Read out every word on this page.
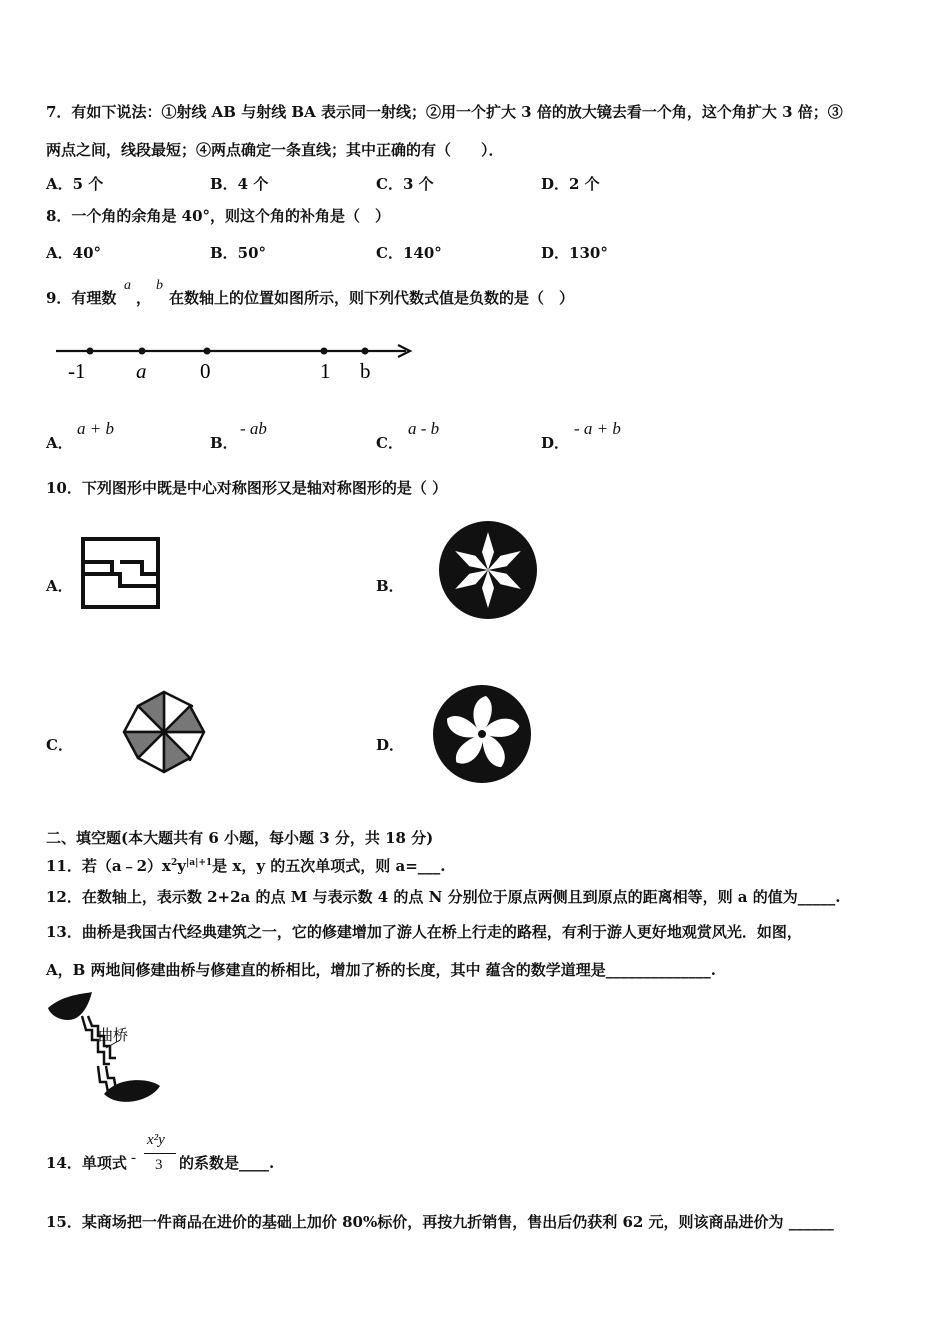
7．有如下说法：①射线 AB 与射线 BA 表示同一射线；②用一个扩大 3 倍的放大镜去看一个角，这个角扩大 3 倍；③
两点之间，线段最短；④两点确定一条直线；其中正确的有（　　）．
A．5 个	B．4 个	C．3 个	D．2 个
8．一个角的余角是 40°，则这个角的补角是（　）
A．40°	B．50°	C．140°	D．130°
9．有理数
a
，
b
在数轴上的位置如图所示，则下列代数式值是负数的是（　）
-1 a	0	1 b
A．
a + b
B．
- ab
C．
a - b
D．
- a + b
10．下列图形中既是中心对称图形又是轴对称图形的是（ ）
A．	B．
C．	D．
二、填空题(本大题共有 6 小题，每小题 3 分，共 18 分)
11．若$(a﹣2)x^2y^{|a|+1}$是 x，y 的五次单项式，则 a=___.
12．在数轴上，表示数 2+2a 的点 M 与表示数 4 的点 N 分别位于原点两侧且到原点的距离相等，则 a 的值为_____.
13．曲桥是我国古代经典建筑之一，它的修建增加了游人在桥上行走的路程，有利于游人更好地观赏风光．如图，
A，B 两地间修建曲桥与修建直的桥相比，增加了桥的长度，其中 蕴含的数学道理是______________.
曲桥
14．单项式 -
x²y
3 的系数是____.
15．某商场把一件商品在进价的基础上加价 80%标价，再按九折销售，售出后仍获利 62 元，则该商品进价为 ______
